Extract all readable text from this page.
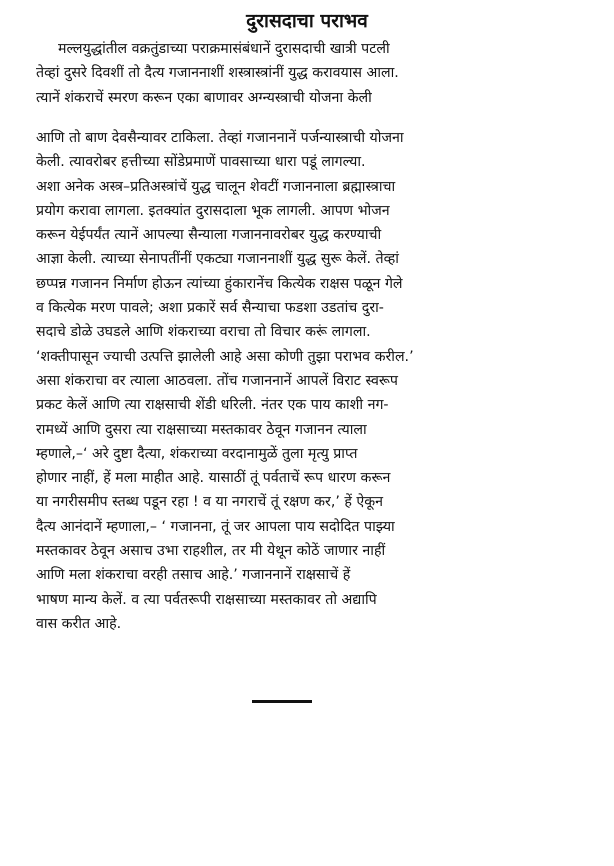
दुरासदाचा पराभव
मल्लयुद्धांतील वक्रतुंडाच्या पराक्रमासंबंधानें दुरासदाची खात्री पटली
तेव्हां दुसरे दिवशीं तो दैत्य गजाननाशीं शस्त्रास्त्रांनीं युद्ध करावयास आला.
त्यानें शंकराचें स्मरण करून एका बाणावर अग्न्यस्त्राची योजना केली
आणि तो बाण देवसैन्यावर टाकिला. तेव्हां गजाननानें पर्जन्यास्त्राची योजना
केली. त्यावरोबर हत्तीच्या सोंडेप्रमाणें पावसाच्या धारा पडूं लागल्या.
अशा अनेक अस्त्र–प्रतिअस्त्रांचें युद्ध चालून शेवटीं गजाननाला ब्रह्मास्त्राचा
प्रयोग करावा लागला. इतक्यांत दुरासदाला भूक लागली. आपण भोजन
करून येईपर्यंत त्यानें आपल्या सैन्याला गजाननावरोबर युद्ध करण्याची
आज्ञा केली. त्याच्या सेनापतींनीं एकट्या गजाननाशीं युद्ध सुरू केलें. तेव्हां
छप्पन्न गजानन निर्माण होऊन त्यांच्या हुंकारानेंच कित्येक राक्षस पळून गेले
व कित्येक मरण पावले; अशा प्रकारें सर्व सैन्याचा फडशा उडतांच दुरा-
सदाचे डोळे उघडले आणि शंकराच्या वराचा तो विचार करूं लागला.
‘शक्तीपासून ज्याची उत्पत्ति झालेली आहे असा कोणी तुझा पराभव करील.’
असा शंकराचा वर त्याला आठवला. तोंच गजाननानें आपलें विराट स्वरूप
प्रकट केलें आणि त्या राक्षसाची शेंडी धरिली. नंतर एक पाय काशी नग-
रामध्यें आणि दुसरा त्या राक्षसाच्या मस्तकावर ठेवून गजानन त्याला
म्हणाले,–‘ अरे दुष्टा दैत्या, शंकराच्या वरदानामुळें तुला मृत्यु प्राप्त
होणार नाहीं, हें मला माहीत आहे. यासाठीं तूं पर्वताचें रूप धारण करून
या नगरीसमीप स्तब्ध पडून रहा ! व या नगराचें तूं रक्षण कर,’ हें ऐकून
दैत्य आनंदानें म्हणाला,– ‘ गजानना, तूं जर आपला पाय सदोदित पाझ्या
मस्तकावर ठेवून असाच उभा राहशील, तर मी येथून कोठें जाणार नाहीं
आणि मला शंकराचा वरही तसाच आहे.’ गजाननानें राक्षसाचें हें
भाषण मान्य केलें. व त्या पर्वतरूपी राक्षसाच्या मस्तकावर तो अद्यापि
वास करीत आहे.
